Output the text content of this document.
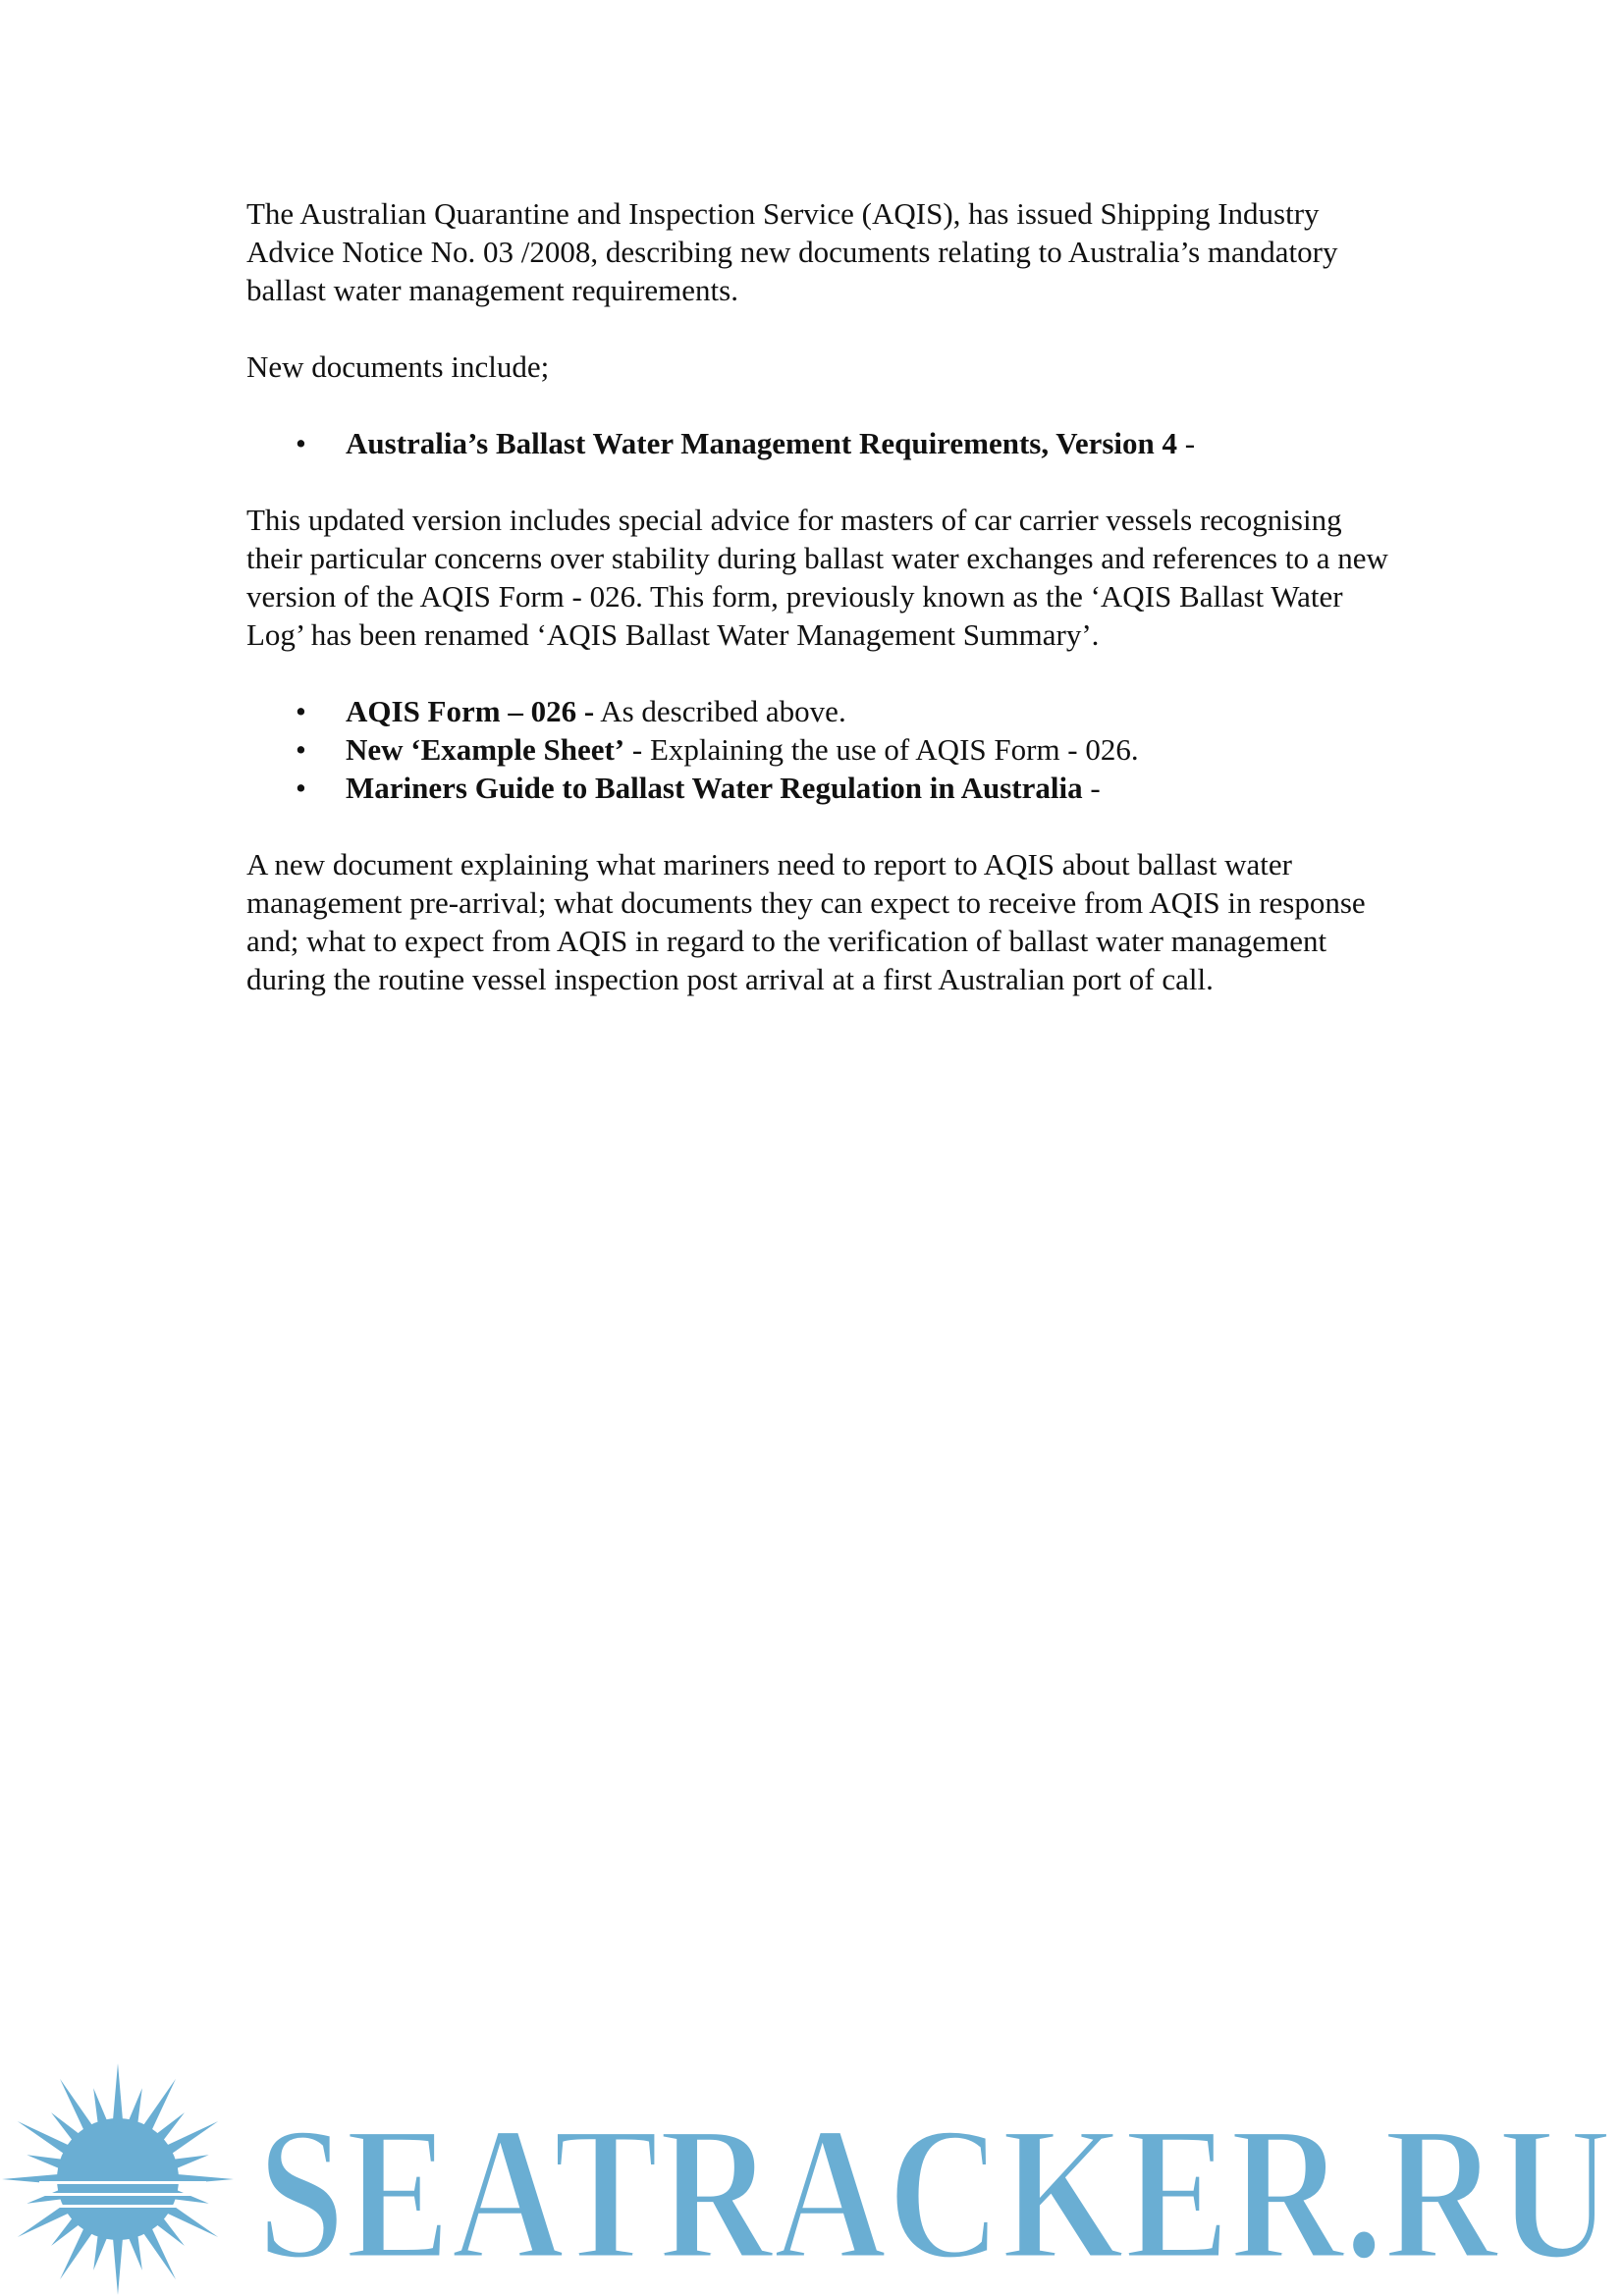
The Australian Quarantine and Inspection Service (AQIS), has issued Shipping Industry Advice Notice No. 03 /2008, describing new documents relating to Australia’s mandatory ballast water management requirements.

New documents include;

• Australia’s Ballast Water Management Requirements, Version 4 -

This updated version includes special advice for masters of car carrier vessels recognising their particular concerns over stability during ballast water exchanges and references to a new version of the AQIS Form - 026. This form, previously known as the ‘AQIS Ballast Water Log’ has been renamed ‘AQIS Ballast Water Management Summary’.

• AQIS Form – 026 - As described above.
• New ‘Example Sheet’ - Explaining the use of AQIS Form - 026.
• Mariners Guide to Ballast Water Regulation in Australia -

A new document explaining what mariners need to report to AQIS about ballast water management pre-arrival; what documents they can expect to receive from AQIS in response and; what to expect from AQIS in regard to the verification of ballast water management during the routine vessel inspection post arrival at a first Australian port of call.

SEATRACKER.RU
